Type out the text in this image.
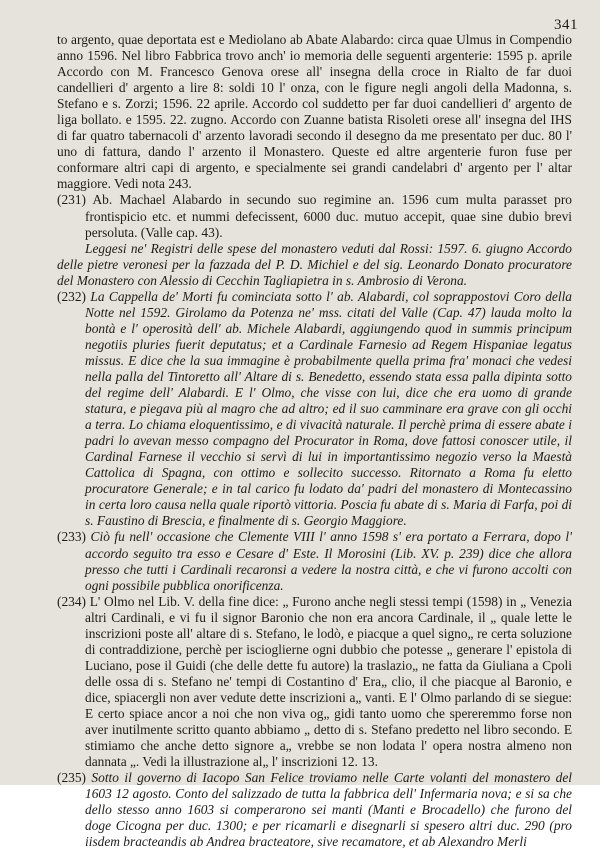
341

to argento, quae deportata est e Mediolano ab Abate Alabardo: circa quae Ulmus in Compendio anno 1596. Nel libro Fabbrica trovo anch' io memoria delle seguenti argenterie: 1595 p. aprile Accordo con M. Francesco Genova orese all' insegna della croce in Rialto de far duoi candellieri d' argento a lire 8: soldi 10 l' onza, con le figure negli angoli della Madonna, s. Stefano e s. Zorzi; 1596. 22 aprile. Accordo col suddetto per far duoi candellieri d' argento de liga bollato. e 1595. 22. zugno. Accordo con Zuanne batista Risoleti orese all' insegna del IHS di far quatro tabernacoli d' arzento lavoradi secondo il desegno da me presentato per duc. 80 l' uno di fattura, dando l' arzento il Monastero. Queste ed altre argenterie furon fuse per conformare altri capi di argento, e specialmente sei grandi candelabri d' argento per l' altar maggiore. Vedi nota 243.

(231) Ab. Machael Alabardo in secundo suo regimine an. 1596 cum multa parasset pro frontispicio etc. et nummi defecissent, 6000 duc. mutuo accepit, quae sine dubio brevi persoluta. (Valle cap. 43).

Leggesi ne' Registri delle spese del monastero veduti dal Rossi: 1597. 6. giugno Accordo delle pietre veronesi per la fazzada del P. D. Michiel e del sig. Leonardo Donato procuratore del Monastero con Alessio di Cecchin Tagliapietra in s. Ambrosio di Verona.

(232) La Cappella de' Morti fu cominciata sotto l' ab. Alabardi, col soprappostovi Coro della Notte nel 1592. Girolamo da Potenza ne' mss. citati del Valle (Cap. 47) lauda molto la bontà e l' operosità dell' ab. Michele Alabardi, aggiungendo quod in summis principum negotiis pluries fuerit deputatus; et a Cardinale Farnesio ad Regem Hispaniae legatus missus. E dice che la sua immagine è probabilmente quella prima fra' monaci che vedesi nella palla del Tintoretto all' Altare di s. Benedetto, essendo stata essa palla dipinta sotto del regime dell' Alabardi. E l' Olmo, che visse con lui, dice che era uomo di grande statura, e piegava più al magro che ad altro; ed il suo camminare era grave con gli occhi a terra. Lo chiama eloquentissimo, e di vivacità naturale. Il perchè prima di essere abate i padri lo avevan messo compagno del Procurator in Roma, dove fattosi conoscer utile, il Cardinal Farnese il vecchio si servì di lui in importantissimo negozio verso la Maestà Cattolica di Spagna, con ottimo e sollecito successo. Ritornato a Roma fu eletto procuratore Generale; e in tal carico fu lodato da' padri del monastero di Montecassino in certa loro causa nella quale riportò vittoria. Poscia fu abate di s. Maria di Farfa, poi di s. Faustino di Brescia, e finalmente di s. Georgio Maggiore.

(233) Ciò fu nell' occasione che Clemente VIII l' anno 1598 s' era portato a Ferrara, dopo l' accordo seguito tra esso e Cesare d' Este. Il Morosini (Lib. XV. p. 239) dice che allora presso che tutti i Cardinali recaronsi a vedere la nostra città, e che vi furono accolti con ogni possibile pubblica onorificenza.

(234) L' Olmo nel Lib. V. della fine dice: „ Furono anche negli stessi tempi (1598) in „ Venezia altri Cardinali, e vi fu il signor Baronio che non era ancora Cardinale, il „ quale lette le inscrizioni poste all' altare di s. Stefano, le lodò, e piacque a quel signo„ re certa soluzione di contraddizione, perchè per iscioglierne ogni dubbio che potesse „ generare l' epistola di Luciano, pose il Guidi (che delle dette fu autore) la traslazio„ ne fatta da Giuliana a Cpoli delle ossa di s. Stefano ne' tempi di Costantino d' Era„ clio, il che piacque al Baronio, e dice, spiacergli non aver vedute dette inscrizioni a„ vanti. E l' Olmo parlando di se siegue: E certo spiace ancor a noi che non viva og„ gidi tanto uomo che spereremmo forse non aver inutilmente scritto quanto abbiamo „ detto di s. Stefano predetto nel libro secondo. E stimiamo che anche detto signore a„ vrebbe se non lodata l' opera nostra almeno non dannata „. Vedi la illustrazione al„ l' inscrizioni 12. 13.

(235) Sotto il governo di Iacopo San Felice troviamo nelle Carte volanti del monastero del 1603 12 agosto. Conto del salizzado de tutta la fabbrica dell' Infermaria nova; e si sa che dello stesso anno 1603 si comperarono sei manti (Manti e Brocadello) che furono del doge Cicogna per duc. 1300; e per ricamarli e disegnarli si spesero altri duc. 290 (pro iisdem bracteandis ab Andrea bracteatore, sive recamatore, et ab Alexandro Merli
